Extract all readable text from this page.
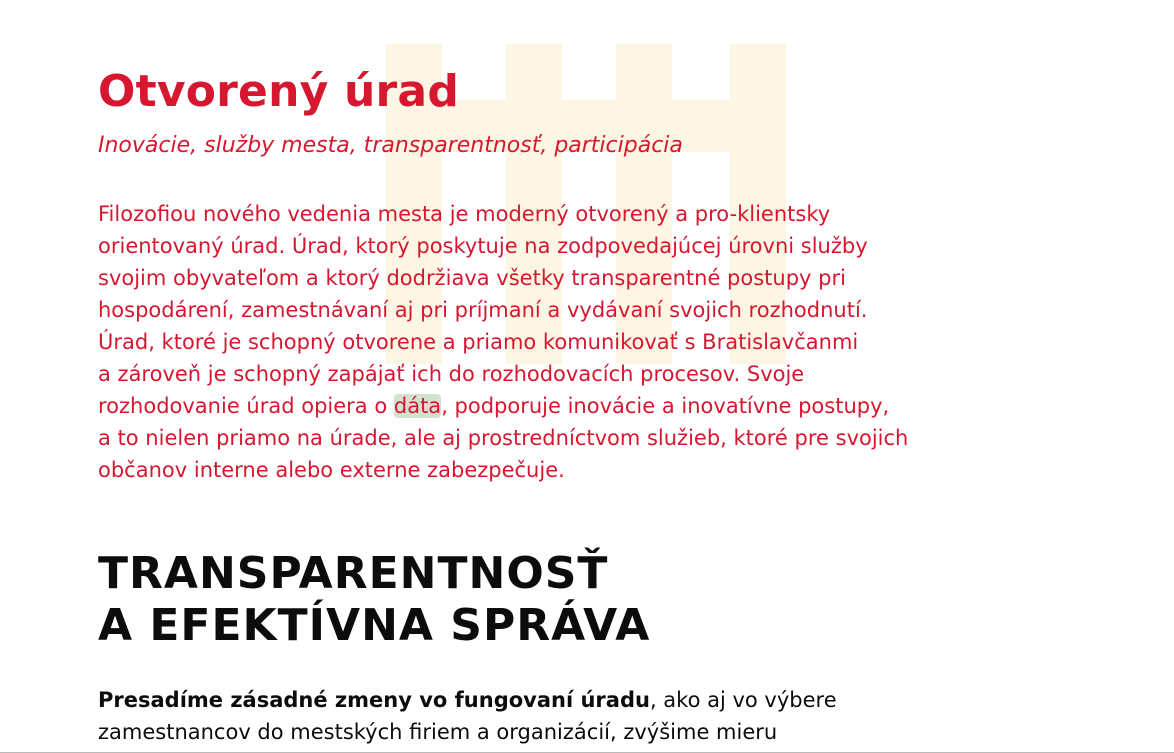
Otvorený úrad

Inovácie, služby mesta, transparentnosť, participácia

Filozofiou nového vedenia mesta je moderný otvorený a pro-klientsky
orientovaný úrad. Úrad, ktorý poskytuje na zodpovedajúcej úrovni služby
svojim obyvateľom a ktorý dodržiava všetky transparentné postupy pri
hospodárení, zamestnávaní aj pri príjmaní a vydávaní svojich rozhodnutí.
Úrad, ktoré je schopný otvorene a priamo komunikovať s Bratislavčanmi
a zároveň je schopný zapájať ich do rozhodovacích procesov. Svoje
rozhodovanie úrad opiera o dáta, podporuje inovácie a inovatívne postupy,
a to nielen priamo na úrade, ale aj prostredníctvom služieb, ktoré pre svojich
občanov interne alebo externe zabezpečuje.

TRANSPARENTNOSŤ
A EFEKTÍVNA SPRÁVA

Presadíme zásadné zmeny vo fungovaní úradu, ako aj vo výbere
zamestnancov do mestských firiem a organizácií, zvýšime mieru
